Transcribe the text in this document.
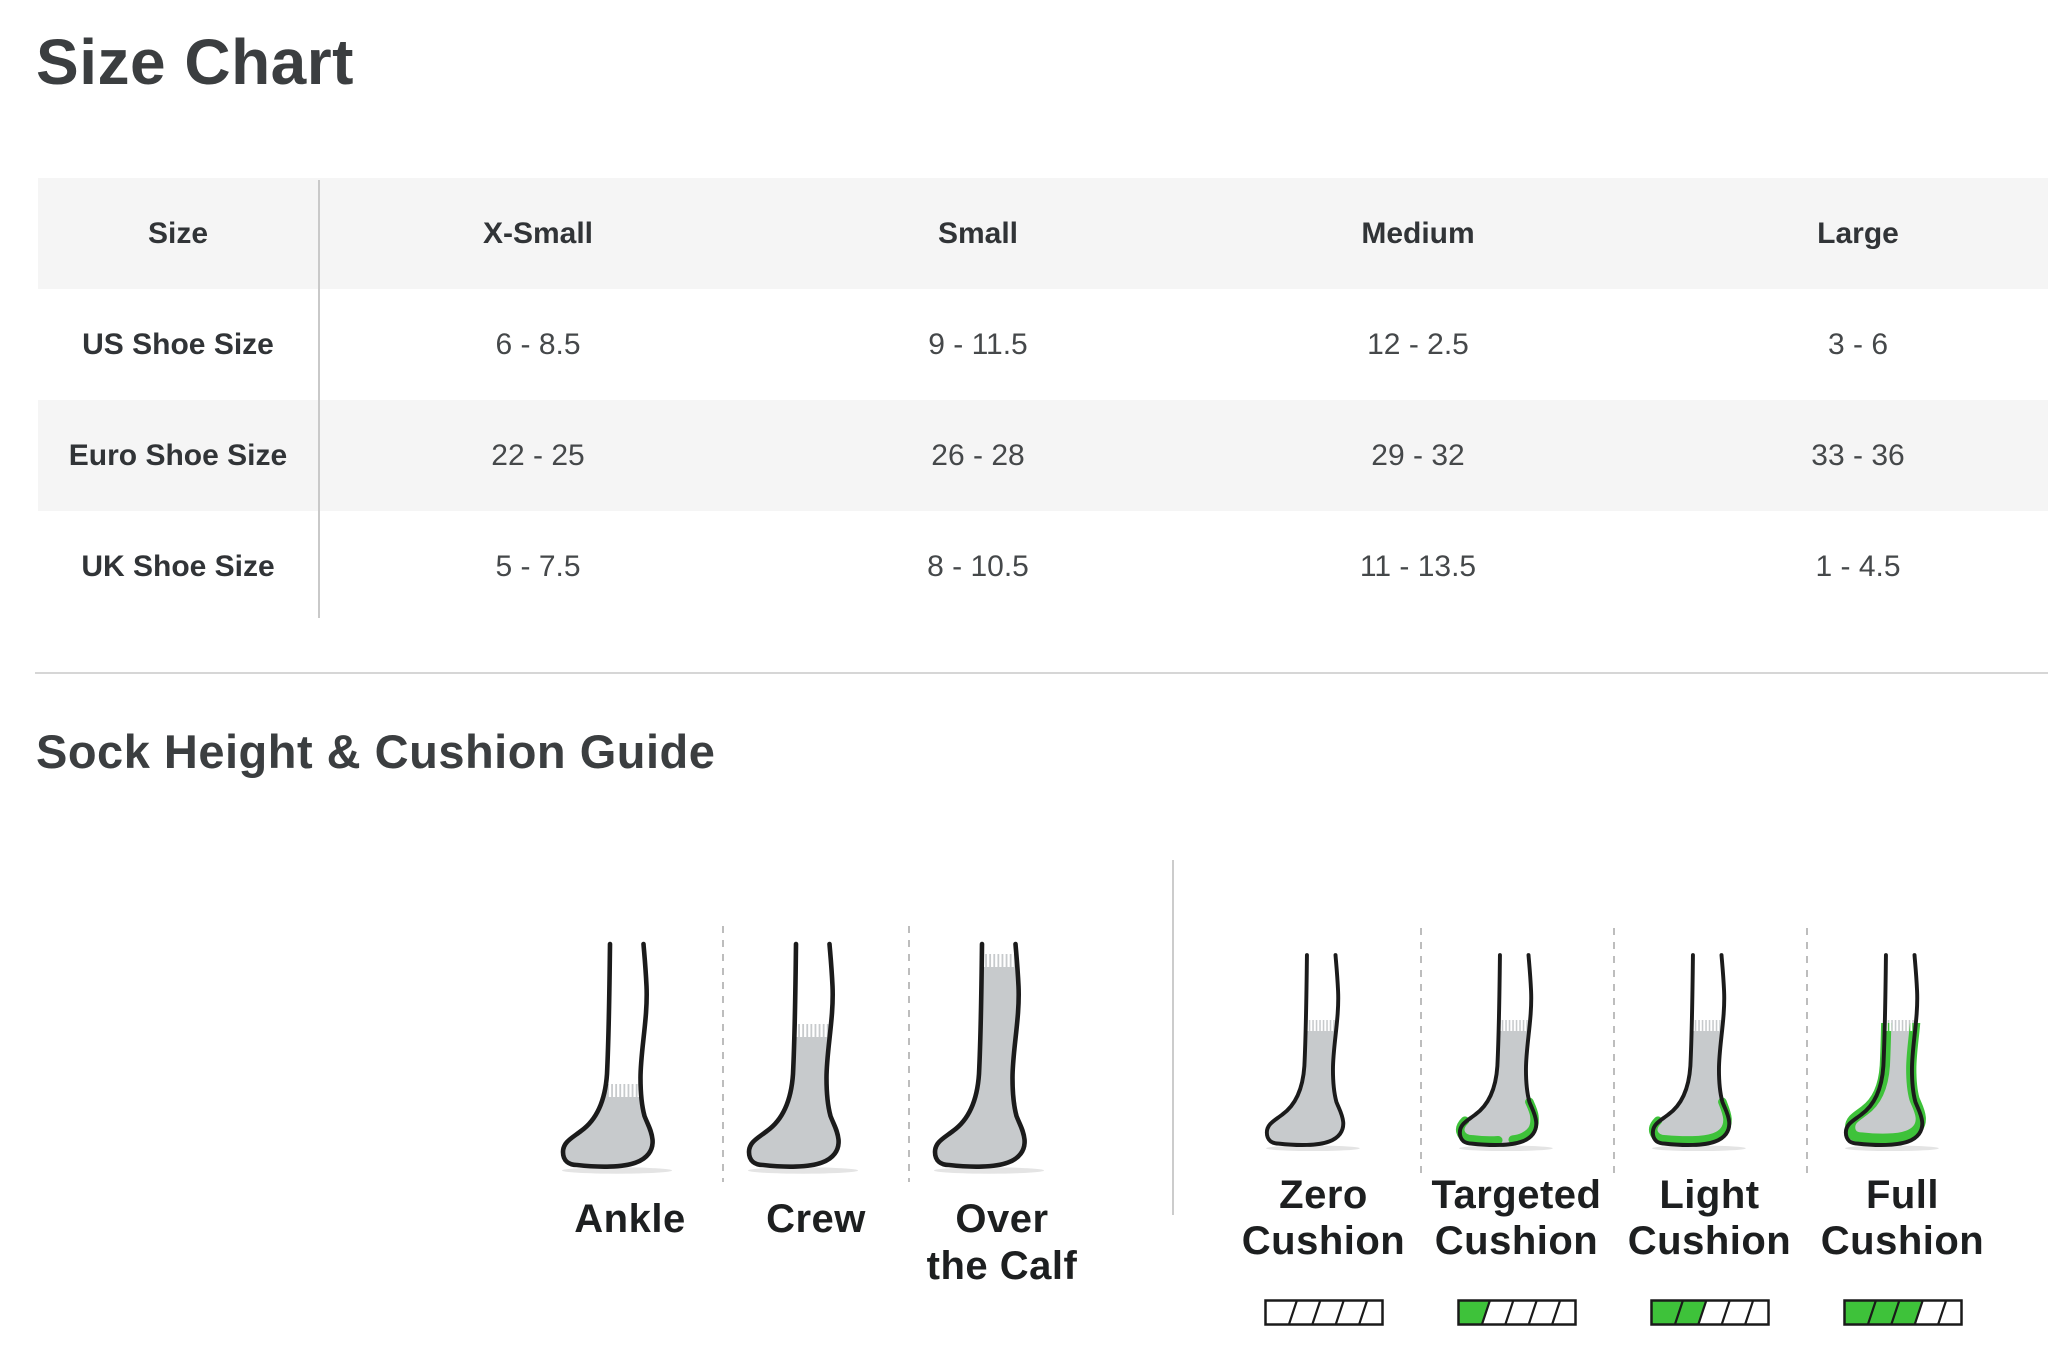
Size Chart
Size	X-Small	Small	Medium	Large
US Shoe Size	6 - 8.5	9 - 11.5	12 - 2.5	3 - 6
Euro Shoe Size	22 - 25	26 - 28	29 - 32	33 - 36
UK Shoe Size	5 - 7.5	8 - 10.5	11 - 13.5	1 - 4.5
Sock Height & Cushion Guide
Ankle Crew	Over
the Calf
Zero
Cushion
Targeted
Cushion
Light
Cushion
Full
Cushion
